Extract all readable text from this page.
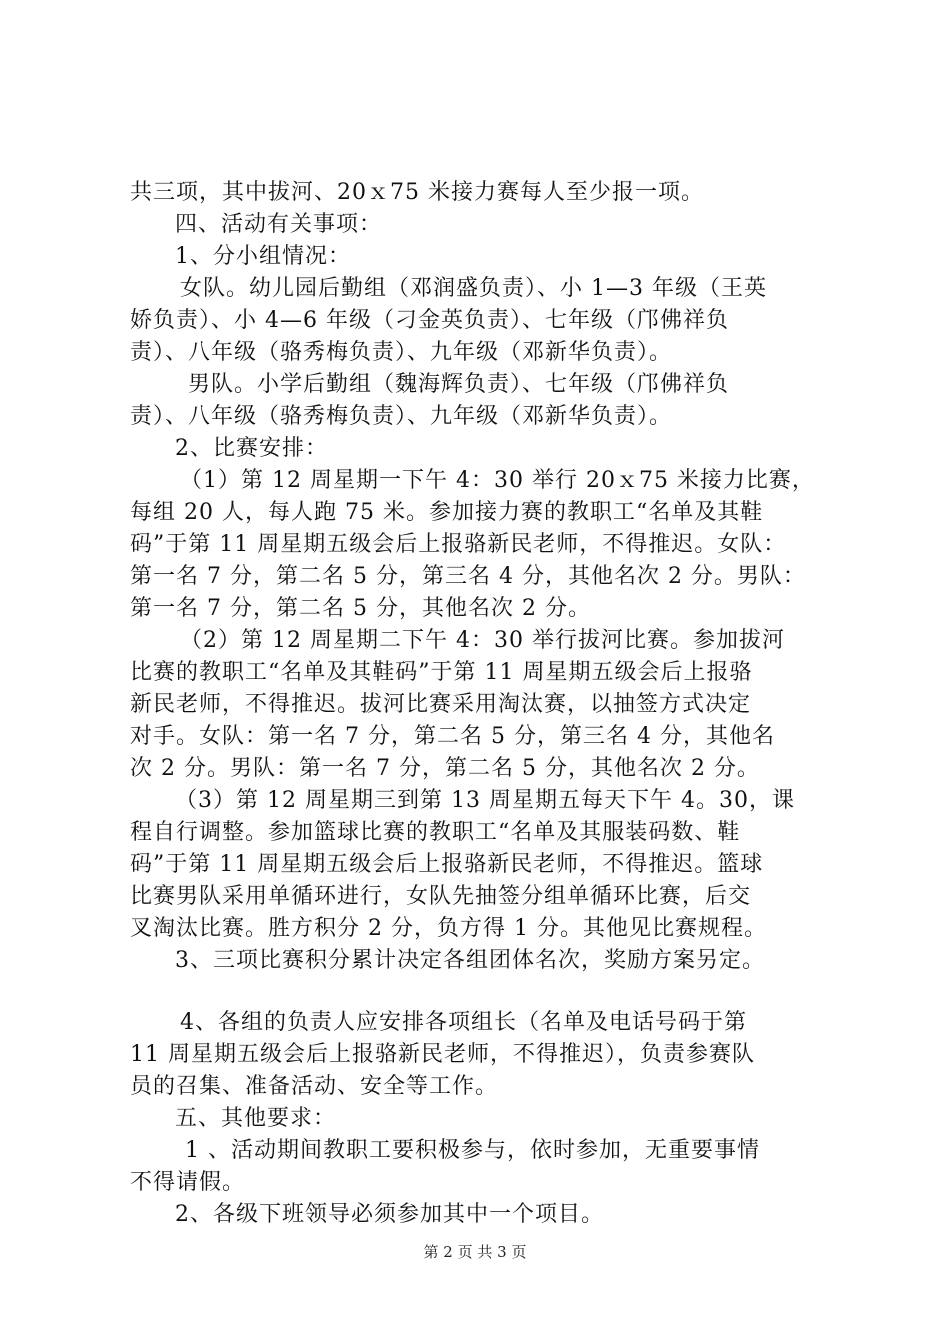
共三项，其中拔河、20ｘ75 米接力赛每人至少报一项。
四、活动有关事项：
1、分小组情况：
女队。幼儿园后勤组（邓润盛负责）、小 1—3 年级（王英
娇负责）、小 4—6 年级（刁金英负责）、七年级（邝佛祥负
责）、八年级（骆秀梅负责）、九年级（邓新华负责）。
男队。小学后勤组（魏海辉负责）、七年级（邝佛祥负
责）、八年级（骆秀梅负责）、九年级（邓新华负责）。
2、比赛安排：
（1）第 12 周星期一下午 4：30 举行 20ｘ75 米接力比赛，
每组 20 人，每人跑 75 米。参加接力赛的教职工“名单及其鞋
码”于第 11 周星期五级会后上报骆新民老师，不得推迟。女队：
第一名 7 分，第二名 5 分，第三名 4 分，其他名次 2 分。男队：
第一名 7 分，第二名 5 分，其他名次 2 分。
（2）第 12 周星期二下午 4：30 举行拔河比赛。参加拔河
比赛的教职工“名单及其鞋码”于第 11 周星期五级会后上报骆
新民老师，不得推迟。拔河比赛采用淘汰赛，以抽签方式决定
对手。女队：第一名 7 分，第二名 5 分，第三名 4 分，其他名
次 2 分。男队：第一名 7 分，第二名 5 分，其他名次 2 分。
（3）第 12 周星期三到第 13 周星期五每天下午 4。30，课
程自行调整。参加篮球比赛的教职工“名单及其服装码数、鞋
码”于第 11 周星期五级会后上报骆新民老师，不得推迟。篮球
比赛男队采用单循环进行，女队先抽签分组单循环比赛，后交
叉淘汰比赛。胜方积分 2 分，负方得 1 分。其他见比赛规程。
3、三项比赛积分累计决定各组团体名次，奖励方案另定。
4、各组的负责人应安排各项组长（名单及电话号码于第
11 周星期五级会后上报骆新民老师，不得推迟），负责参赛队
员的召集、准备活动、安全等工作。
五、其他要求：
1 、活动期间教职工要积极参与，依时参加，无重要事情
不得请假。
2、各级下班领导必须参加其中一个项目。
第 2 页 共 3 页
